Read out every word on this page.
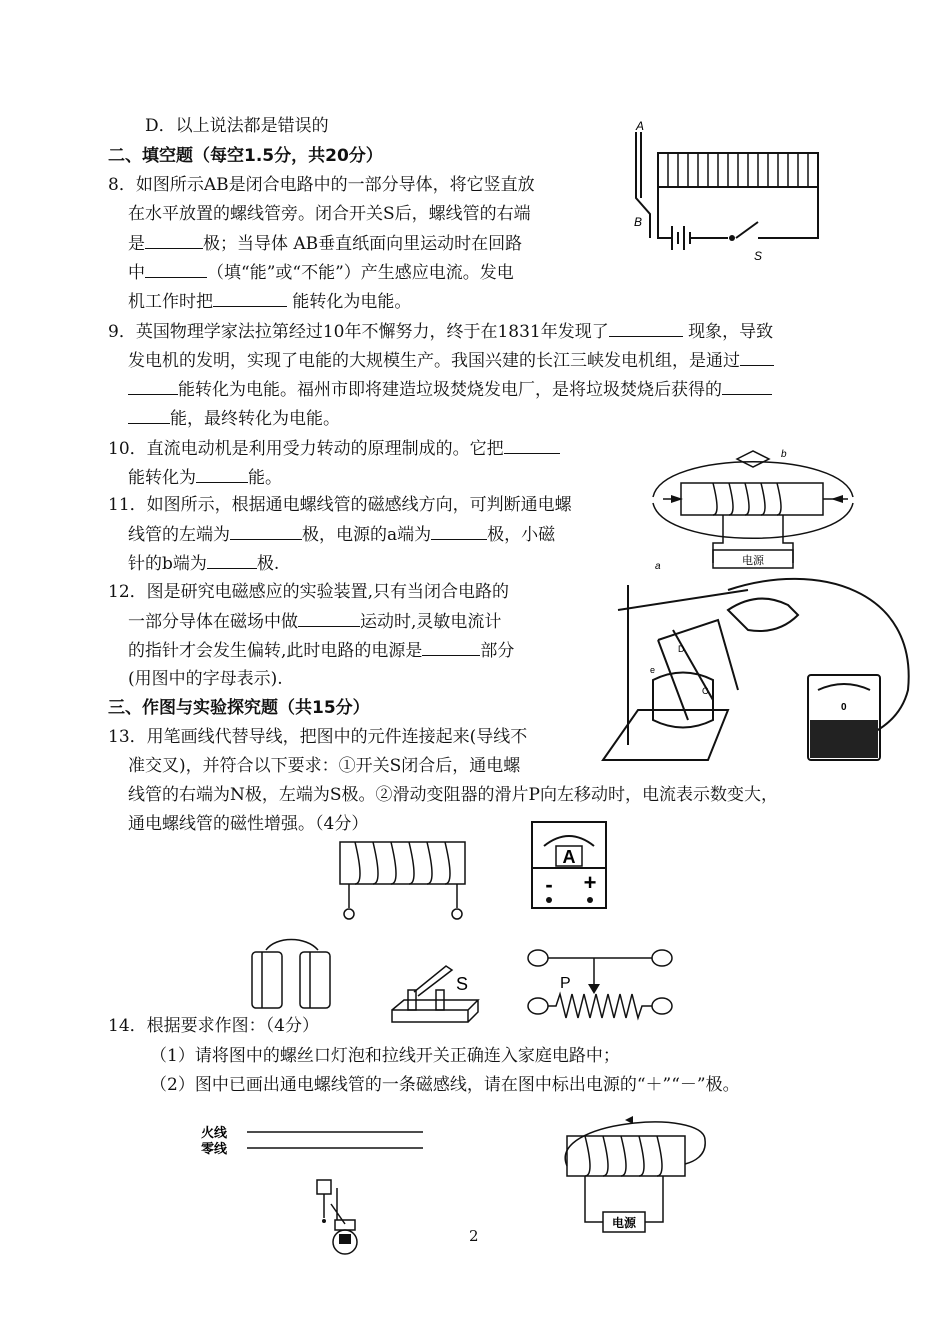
D．以上说法都是错误的
二、填空题（每空1.5分，共20分）
8．如图所示AB是闭合电路中的一部分导体，将它竖直放
在水平放置的螺线管旁。闭合开关S后，螺线管的右端
是	极；当导体 AB垂直纸面向里运动时在回路
中	（填“能”或“不能”）产生感应电流。发电
机工作时把	能转化为电能。
9．英国物理学家法拉第经过10年不懈努力，终于在1831年发现了	现象，导致
发电机的发明，实现了电能的大规模生产。我国兴建的长江三峡发电机组，是通过
能转化为电能。福州市即将建造垃圾焚烧发电厂，是将垃圾焚烧后获得的
能，最终转化为电能。
10．直流电动机是利用受力转动的原理制成的。它把
能转化为	能。
11．如图所示，根据通电螺线管的磁感线方向，可判断通电螺
线管的左端为	极，电源的a端为	极，小磁
针的b端为	极.
12．图是研究电磁感应的实验装置,只有当闭合电路的
一部分导体在磁场中做	运动时,灵敏电流计
的指针才会发生偏转,此时电路的电源是	部分
(用图中的字母表示).
三、作图与实验探究题（共15分）
13．用笔画线代替导线，把图中的元件连接起来(导线不
准交叉)，并符合以下要求：①开关S闭合后，通电螺
线管的右端为N极，左端为S极。②滑动变阻器的滑片P向左移动时，电流表示数变大，
通电螺线管的磁性增强。（4分）
14．根据要求作图：（4分）
（1）请将图中的螺丝口灯泡和拉线开关正确连入家庭电路中；
（2）图中已画出通电螺线管的一条磁感线，请在图中标出电源的“＋”“－”极。
2
A
B
S
b
a	电源
D
C
e
0
A
- +
S	P
火线
零线
电源
